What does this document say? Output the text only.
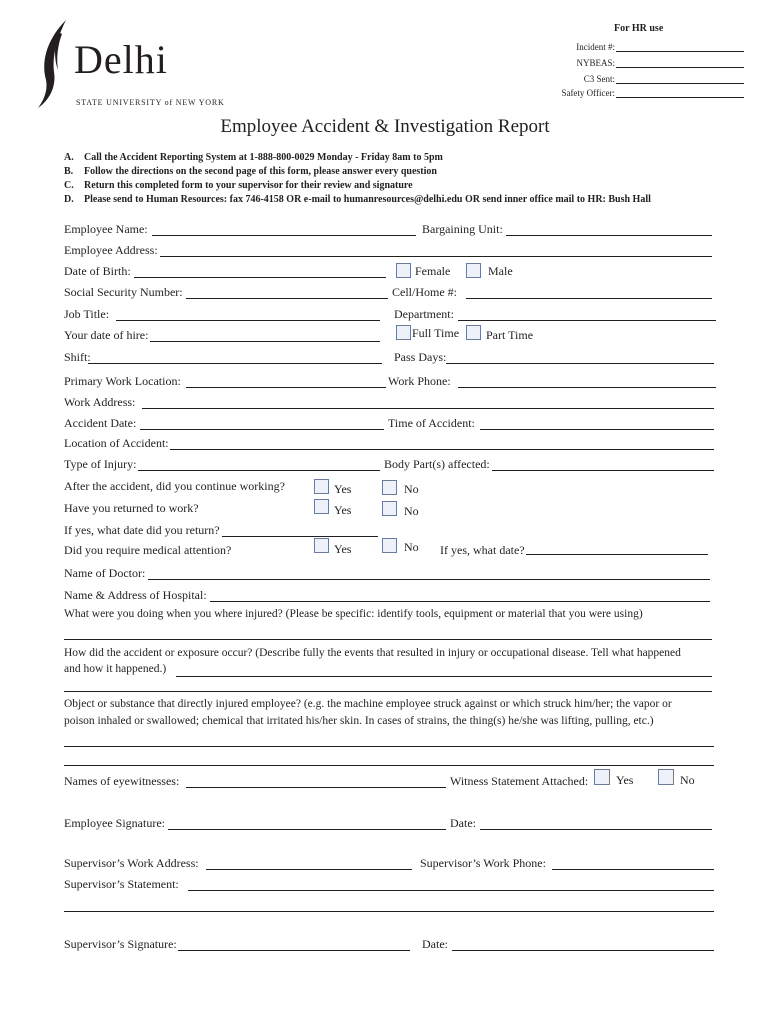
Delhi
STATE UNIVERSITY of NEW YORK
For HR use
Incident #:
NYBEAS:
C3 Sent:
Safety Officer:
Employee Accident & Investigation Report
A. Call the Accident Reporting System at 1-888-800-0029 Monday - Friday 8am to 5pm
B. Follow the directions on the second page of this form, please answer every question
C. Return this completed form to your supervisor for their review and signature
D. Please send to Human Resources: fax 746-4158 OR e-mail to humanresources@delhi.edu OR send inner office mail to HR: Bush Hall
Employee Name:	Bargaining Unit:
Employee Address:
Date of Birth:	Female	Male
Social Security Number:	Cell/Home #:
Job Title:	Department:
Your date of hire:	Full Time Part Time
Shift:	Pass Days:
Primary Work Location:	Work Phone:
Work Address:
Accident Date:	Time of Accident:
Location of Accident:
Type of Injury:	Body Part(s) affected:
After the accident, did you continue working?	Yes	No
Have you returned to work?	Yes	No
If yes, what date did you return?
Did you require medical attention?	Yes	No If yes, what date?
Name of Doctor:
Name & Address of Hospital:
What were you doing when you where injured? (Please be specific: identify tools, equipment or material that you were using)
How did the accident or exposure occur? (Describe fully the events that resulted in injury or occupational disease. Tell what happened
and how it happened.)
Object or substance that directly injured employee? (e.g. the machine employee struck against or which struck him/her; the vapor or
poison inhaled or swallowed; chemical that irritated his/her skin. In cases of strains, the thing(s) he/she was lifting, pulling, etc.)
Names of eyewitnesses:	Witness Statement Attached: Yes	No
Employee Signature:	Date:
Supervisor’s Work Address:	Supervisor’s Work Phone:
Supervisor’s Statement:
Supervisor’s Signature:	Date:
